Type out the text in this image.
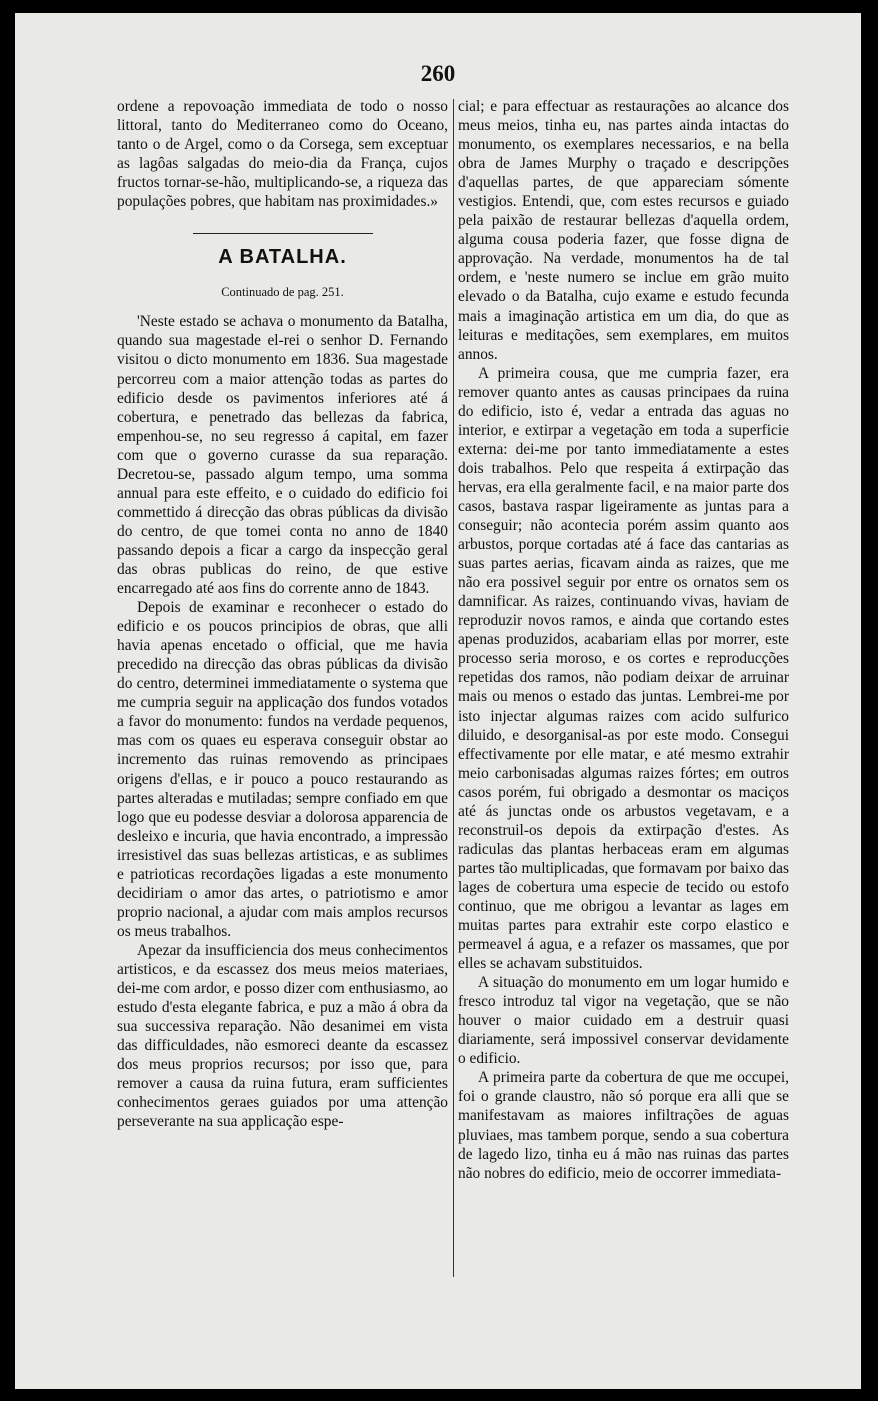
260

ordene a repovoação immediata de todo o nosso littoral, tanto do Mediterraneo como do Oceano, tanto o de Argel, como o da Corsega, sem exceptuar as lagôas salgadas do meio-dia da França, cujos fructos tornar-se-hão, multiplicando-se, a riqueza das populações pobres, que habitam nas proximidades.»

A BATALHA.
Continuado de pag. 251.

'Neste estado se achava o monumento da Batalha, quando sua magestade el-rei o senhor D. Fernando visitou o dicto monumento em 1836. Sua magestade percorreu com a maior attenção todas as partes do edificio desde os pavimentos inferiores até á cobertura, e penetrado das bellezas da fabrica, empenhou-se, no seu regresso á capital, em fazer com que o governo curasse da sua reparação. Decretou-se, passado algum tempo, uma somma annual para este effeito, e o cuidado do edificio foi commettido á direcção das obras públicas da divisão do centro, de que tomei conta no anno de 1840 passando depois a ficar a cargo da inspecção geral das obras publicas do reino, de que estive encarregado até aos fins do corrente anno de 1843.

Depois de examinar e reconhecer o estado do edificio e os poucos principios de obras, que alli havia apenas encetado o official, que me havia precedido na direcção das obras públicas da divisão do centro, determinei immediatamente o systema que me cumpria seguir na applicação dos fundos votados a favor do monumento: fundos na verdade pequenos, mas com os quaes eu esperava conseguir obstar ao incremento das ruinas removendo as principaes origens d'ellas, e ir pouco a pouco restaurando as partes alteradas e mutiladas; sempre confiado em que logo que eu podesse desviar a dolorosa apparencia de desleixo e incuria, que havia encontrado, a impressão irresistivel das suas bellezas artisticas, e as sublimes e patrioticas recordações ligadas a este monumento decidiriam o amor das artes, o patriotismo e amor proprio nacional, a ajudar com mais amplos recursos os meus trabalhos.

Apezar da insufficiencia dos meus conhecimentos artisticos, e da escassez dos meus meios materiaes, dei-me com ardor, e posso dizer com enthusiasmo, ao estudo d'esta elegante fabrica, e puz a mão á obra da sua successiva reparação. Não desanimei em vista das difficuldades, não esmoreci deante da escassez dos meus proprios recursos; por isso que, para remover a causa da ruina futura, eram sufficientes conhecimentos geraes guiados por uma attenção perseverante na sua applicação espe-

cial; e para effectuar as restaurações ao alcance dos meus meios, tinha eu, nas partes ainda intactas do monumento, os exemplares necessarios, e na bella obra de James Murphy o traçado e descripções d'aquellas partes, de que appareciam sómente vestigios. Entendi, que, com estes recursos e guiado pela paixão de restaurar bellezas d'aquella ordem, alguma cousa poderia fazer, que fosse digna de approvação. Na verdade, monumentos ha de tal ordem, e 'neste numero se inclue em grão muito elevado o da Batalha, cujo exame e estudo fecunda mais a imaginação artistica em um dia, do que as leituras e meditações, sem exemplares, em muitos annos.

A primeira cousa, que me cumpria fazer, era remover quanto antes as causas principaes da ruina do edificio, isto é, vedar a entrada das aguas no interior, e extirpar a vegetação em toda a superficie externa: dei-me por tanto immediatamente a estes dois trabalhos. Pelo que respeita á extirpação das hervas, era ella geralmente facil, e na maior parte dos casos, bastava raspar ligeiramente as juntas para a conseguir; não acontecia porém assim quanto aos arbustos, porque cortadas até á face das cantarias as suas partes aerias, ficavam ainda as raizes, que me não era possivel seguir por entre os ornatos sem os damnificar. As raizes, continuando vivas, haviam de reproduzir novos ramos, e ainda que cortando estes apenas produzidos, acabariam ellas por morrer, este processo seria moroso, e os cortes e reproducções repetidas dos ramos, não podiam deixar de arruinar mais ou menos o estado das juntas. Lembrei-me por isto injectar algumas raizes com acido sulfurico diluido, e desorganisal-as por este modo. Consegui effectivamente por elle matar, e até mesmo extrahir meio carbonisadas algumas raizes fórtes; em outros casos porém, fui obrigado a desmontar os maciços até ás junctas onde os arbustos vegetavam, e a reconstruil-os depois da extirpação d'estes. As radiculas das plantas herbaceas eram em algumas partes tão multiplicadas, que formavam por baixo das lages de cobertura uma especie de tecido ou estofo continuo, que me obrigou a levantar as lages em muitas partes para extrahir este corpo elastico e permeavel á agua, e a refazer os massames, que por elles se achavam substituidos.

A situação do monumento em um logar humido e fresco introduz tal vigor na vegetação, que se não houver o maior cuidado em a destruir quasi diariamente, será impossivel conservar devidamente o edificio.

A primeira parte da cobertura de que me occupei, foi o grande claustro, não só porque era alli que se manifestavam as maiores infiltrações de aguas pluviaes, mas tambem porque, sendo a sua cobertura de lagedo lizo, tinha eu á mão nas ruinas das partes não nobres do edificio, meio de occorrer immediata-
